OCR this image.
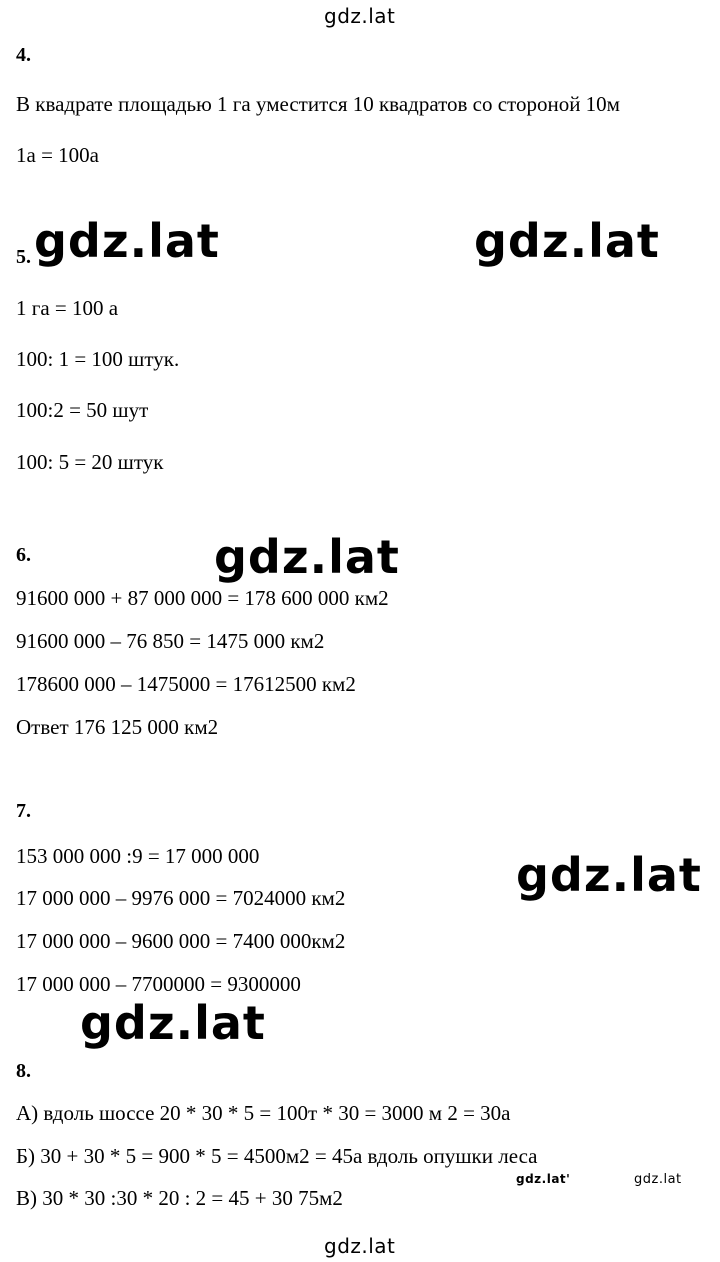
gdz.lat
gdz.lat	gdz.lat
gdz.lat
gdz.lat
gdz.lat
gdz.lat'	gdz.lat
gdz.lat
4.
В квадрате площадью 1 га уместится 10 квадратов со стороной 10м
1a = 100a
5.
1 га = 100 а
100: 1 = 100 штук.
100:2 = 50 шут
100: 5 = 20 штук
6.
91600 000 + 87 000 000 = 178 600 000 км2
91600 000 – 76 850 = 1475 000 км2
178600 000 – 1475000 = 17612500 км2
Ответ 176 125 000 км2
7.
153 000 000 :9 = 17 000 000
17 000 000 – 9976 000 = 7024000 км2
17 000 000 – 9600 000 = 7400 000км2
17 000 000 – 7700000 = 9300000
8.
А) вдоль шоссе 20 * 30 * 5 = 100т * 30 = 3000 м 2 = 30а
Б) 30 + 30 * 5 = 900 * 5 = 4500м2 = 45а вдоль опушки леса
В) 30 * 30 :30 * 20 : 2 = 45 + 30 75м2
